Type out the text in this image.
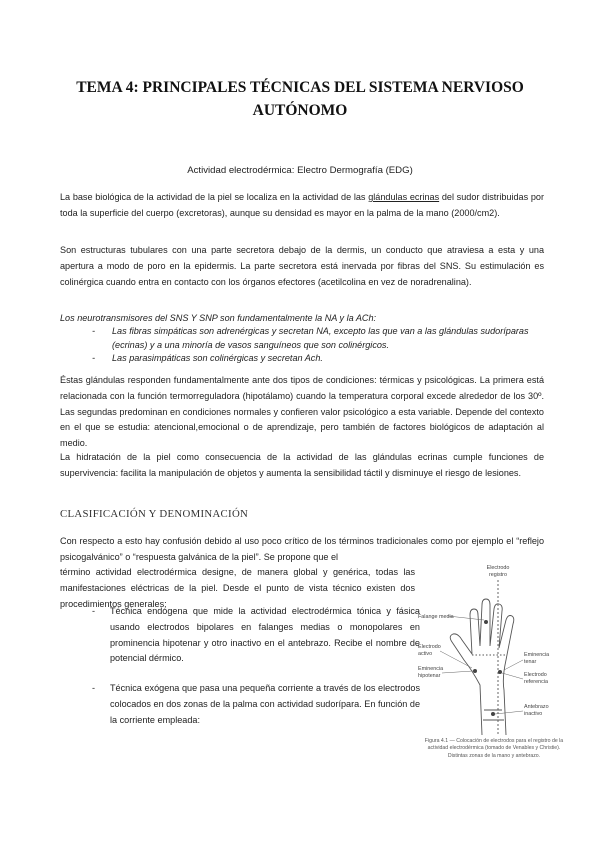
TEMA 4: PRINCIPALES TÉCNICAS DEL SISTEMA NERVIOSO
AUTÓNOMO
Actividad electrodérmica: Electro Dermografía (EDG)

La base biológica de la actividad de la piel se localiza en la actividad de las glándulas ecrinas del sudor distribuidas por toda la superficie del cuerpo (excretoras), aunque su densidad es mayor en la palma de la mano (2000/cm2).

Son estructuras tubulares con una parte secretora debajo de la dermis, un conducto que atraviesa a esta y una apertura a modo de poro en la epidermis. La parte secretora está inervada por fibras del SNS. Su estimulación es colinérgica cuando entra en contacto con los órganos efectores (acetilcolina en vez de noradrenalina).

Los neurotransmisores del SNS Y SNP son fundamentalmente la NA y la ACh:

- Las fibras simpáticas son adrenérgicas y secretan NA, excepto las que van a las glándulas sudoríparas (ecrinas) y a una minoría de vasos sanguíneos que son colinérgicos.
- Las parasimpáticas son colinérgicas y secretan Ach.

Éstas glándulas responden fundamentalmente ante dos tipos de condiciones: térmicas y psicológicas. La primera está relacionada con la función termorreguladora (hipotálamo) cuando la temperatura corporal excede alrededor de los 30º. Las segundas predominan en condiciones normales y confieren valor psicológico a esta variable. Depende del contexto en el que se estudia: atencional,emocional o de aprendizaje, pero también de factores biológicos de adaptación al medio.

La hidratación de la piel como consecuencia de la actividad de las glándulas ecrinas cumple funciones de supervivencia: facilita la manipulación de objetos y aumenta la sensibilidad táctil y disminuye el riesgo de lesiones.

CLASIFICACIÓN Y DENOMINACIÓN

Con respecto a esto hay confusión debido al uso poco crítico de los términos tradicionales como por ejemplo el “reflejo psicogalvánico” o “respuesta galvánica de la piel”. Se propone que el

término actividad electrodérmica designe, de manera global y genérica, todas las manifestaciones eléctricas de la piel. Desde el punto de vista técnico existen dos procedimientos generales:

- Técnica endógena que mide la actividad electrodérmica tónica y fásica usando electrodos bipolares en falanges medias o monopolares en prominencia hipotenar y otro inactivo en el antebrazo. Recibe el nombre de potencial dérmico.
- Técnica exógena que pasa una pequeña corriente a través de los electrodos colocados en dos zonas de la palma con actividad sudorípara. En función de la corriente empleada:
Electrodo
registro
Falange media
Electrodo
activo
Eminencia
hipotenar
Eminencia
tenar
Electrodo
referencia
Antebrazo
inactivo
Figura 4.1 — Colocación de electrodos para el registro de la actividad electrodérmica (tomado de Venables y Christie). Distintas zonas de la mano y antebrazo.
